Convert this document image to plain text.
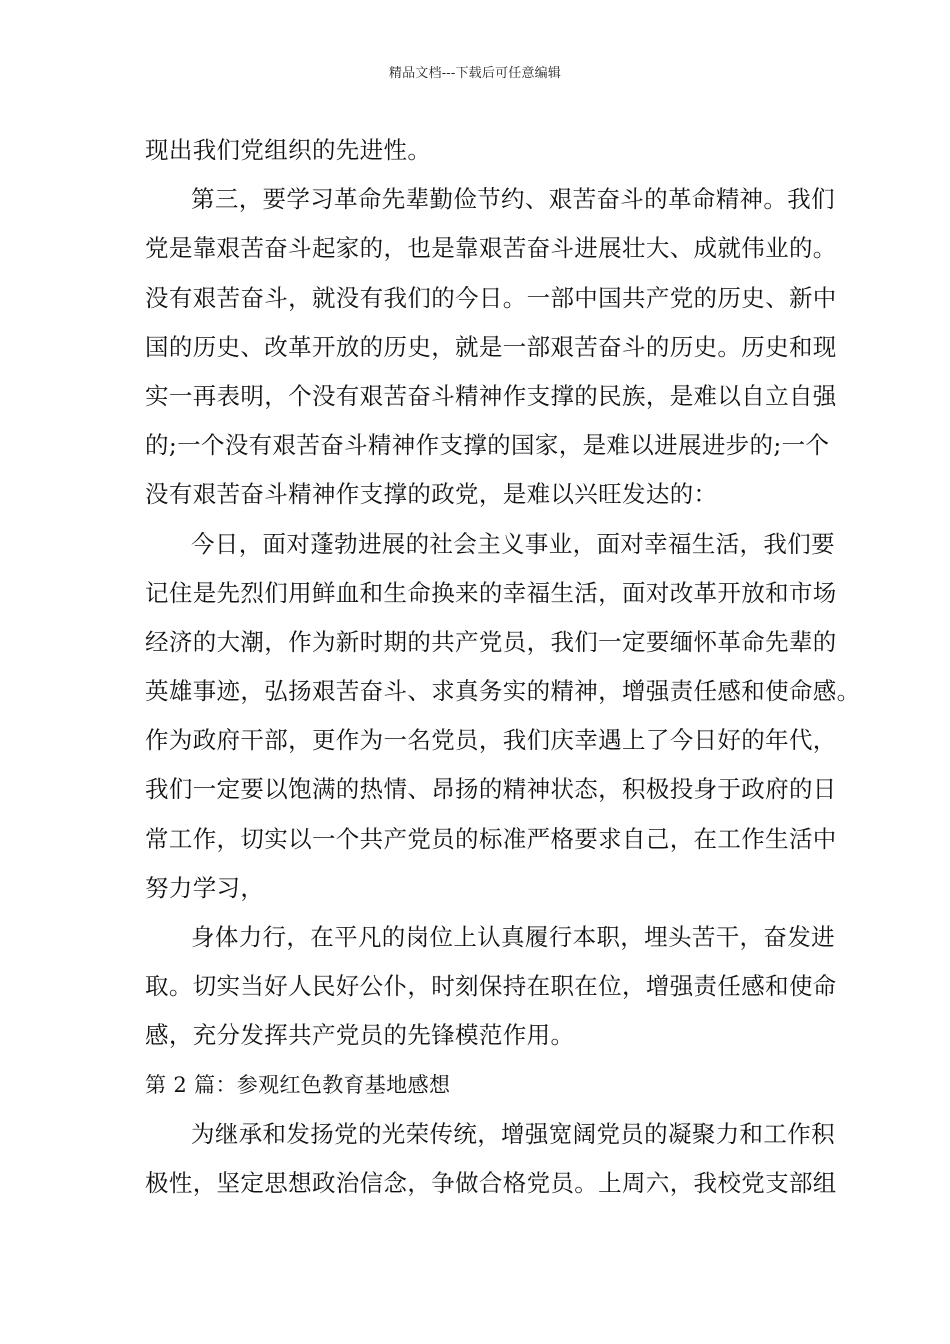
精品文档---下载后可任意编辑
现出我们党组织的先进性。
第三，要学习革命先辈勤俭节约、艰苦奋斗的革命精神。我们
党是靠艰苦奋斗起家的，也是靠艰苦奋斗进展壮大、成就伟业的。
没有艰苦奋斗，就没有我们的今日。一部中国共产党的历史、新中
国的历史、改革开放的历史，就是一部艰苦奋斗的历史。历史和现
实一再表明，个没有艰苦奋斗精神作支撑的民族，是难以自立自强
的;一个没有艰苦奋斗精神作支撑的国家，是难以进展进步的;一个
没有艰苦奋斗精神作支撑的政党，是难以兴旺发达的：
今日，面对蓬勃进展的社会主义事业，面对幸福生活，我们要
记住是先烈们用鲜血和生命换来的幸福生活，面对改革开放和市场
经济的大潮，作为新时期的共产党员，我们一定要缅怀革命先辈的
英雄事迹，弘扬艰苦奋斗、求真务实的精神，增强责任感和使命感。
作为政府干部，更作为一名党员，我们庆幸遇上了今日好的年代，
我们一定要以饱满的热情、昂扬的精神状态，积极投身于政府的日
常工作，切实以一个共产党员的标准严格要求自己，在工作生活中
努力学习，
身体力行，在平凡的岗位上认真履行本职，埋头苦干，奋发进
取。切实当好人民好公仆，时刻保持在职在位，增强责任感和使命
感，充分发挥共产党员的先锋模范作用。
第 2 篇：参观红色教育基地感想
为继承和发扬党的光荣传统，增强宽阔党员的凝聚力和工作积
极性，坚定思想政治信念，争做合格党员。上周六，我校党支部组
